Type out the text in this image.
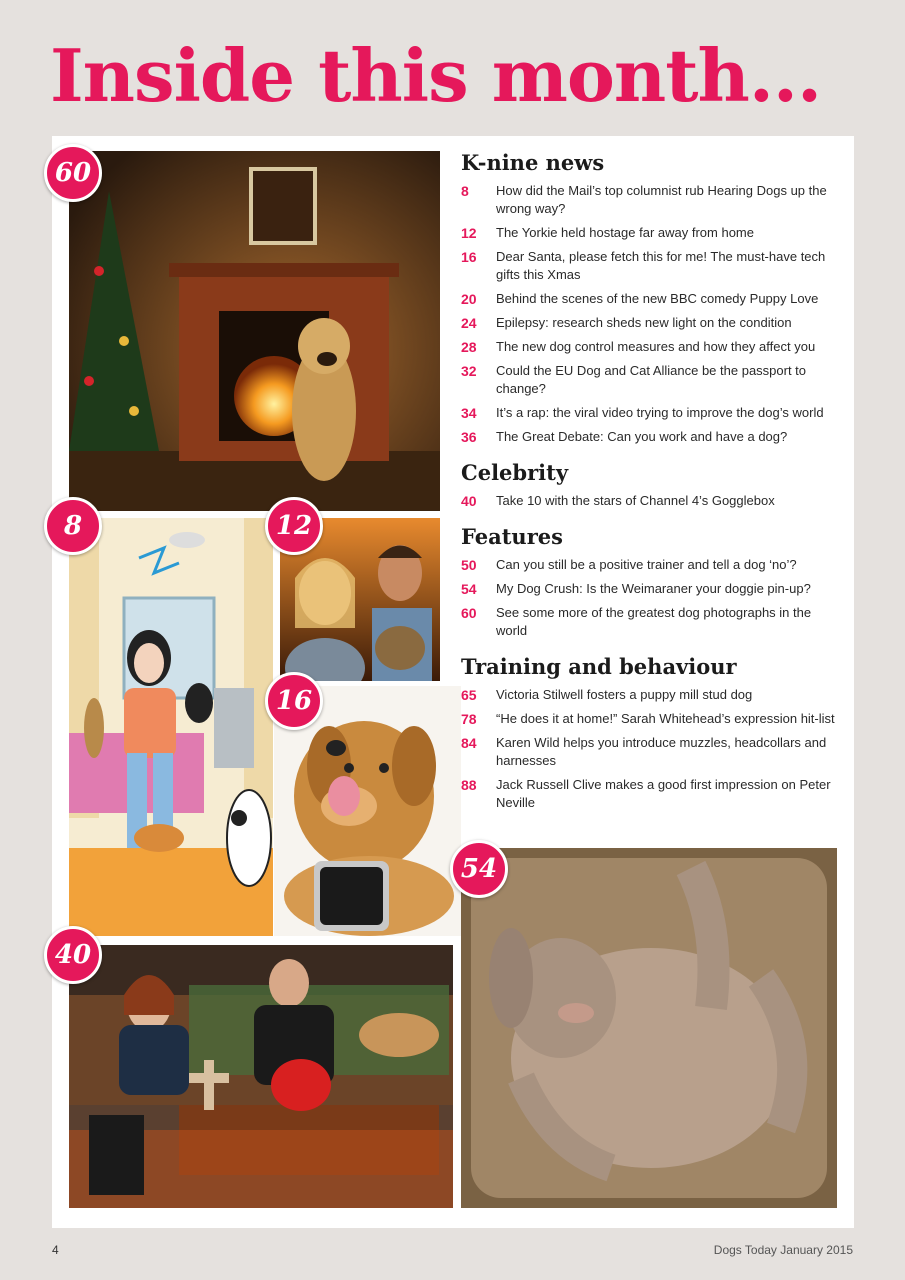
Inside this month...
60
8	12
16
40
54
K-nine news
8	How did the Mail’s top columnist rub Hearing Dogs up the wrong way?
12	The Yorkie held hostage far away from home
16	Dear Santa, please fetch this for me! The must-have tech gifts this Xmas
20	Behind the scenes of the new BBC comedy Puppy Love
24	Epilepsy: research sheds new light on the condition
28	The new dog control measures and how they affect you
32	Could the EU Dog and Cat Alliance be the passport to change?
34	It’s a rap: the viral video trying to improve the dog’s world
36	The Great Debate: Can you work and have a dog?
Celebrity
40	Take 10 with the stars of Channel 4’s Gogglebox
Features
50	Can you still be a positive trainer and tell a dog ‘no’?
54	My Dog Crush: Is the Weimaraner your doggie pin-up?
60	See some more of the greatest dog photographs in the world
Training and behaviour
65	Victoria Stilwell fosters a puppy mill stud dog
78	“He does it at home!” Sarah Whitehead’s expression hit-list
84	Karen Wild helps you introduce muzzles, headcollars and harnesses
88	Jack Russell Clive makes a good first impression on Peter Neville
4	Dogs Today January 2015
